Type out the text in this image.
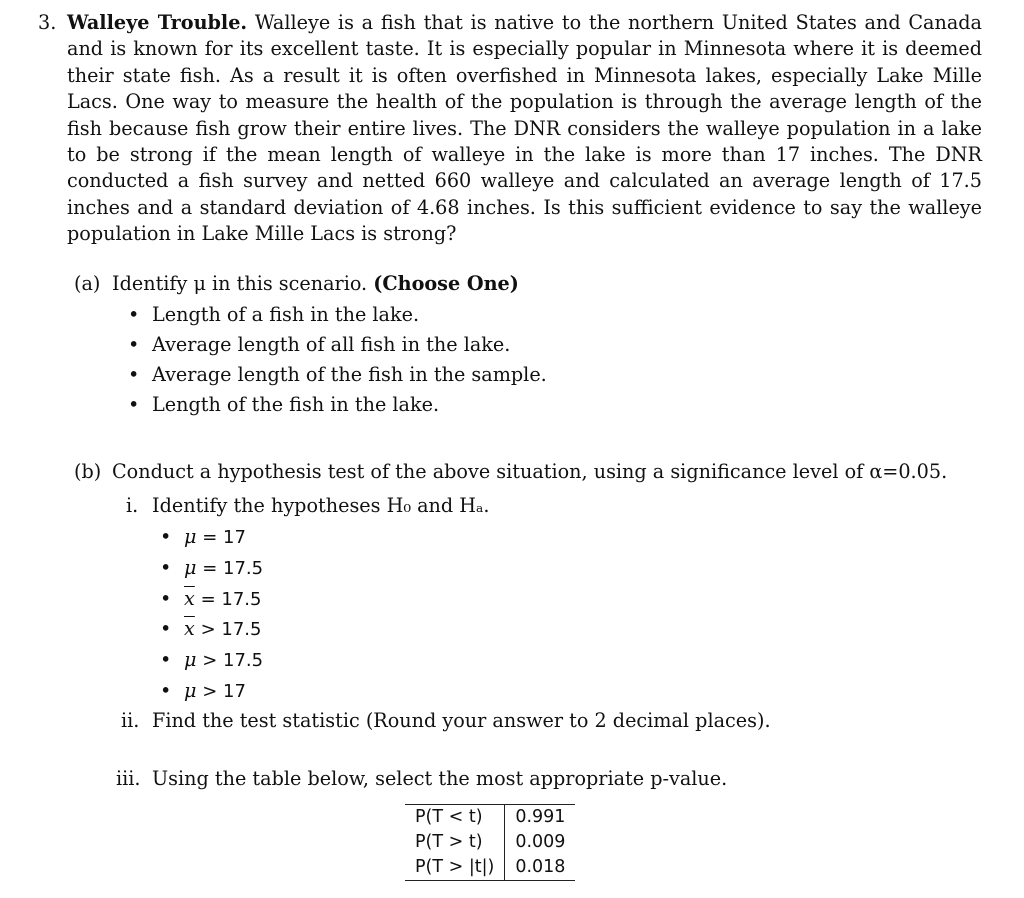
3. Walleye Trouble. Walleye is a fish that is native to the northern United States and Canada and is known for its excellent taste. It is especially popular in Minnesota where it is deemed their state fish. As a result it is often overfished in Minnesota lakes, especially Lake Mille Lacs. One way to measure the health of the population is through the average length of the fish because fish grow their entire lives. The DNR considers the walleye population in a lake to be strong if the mean length of walleye in the lake is more than 17 inches. The DNR conducted a fish survey and netted 660 walleye and calculated an average length of 17.5 inches and a standard deviation of 4.68 inches. Is this sufficient evidence to say the walleye population in Lake Mille Lacs is strong?
(a) Identify μ in this scenario. (Choose One)
• Length of a fish in the lake.
• Average length of all fish in the lake.
• Average length of the fish in the sample.
• Length of the fish in the lake.
(b) Conduct a hypothesis test of the above situation, using a significance level of α=0.05.
i. Identify the hypotheses H₀ and Hₐ.
• μ = 17
• μ = 17.5
• $\overline{x} = 17.5$
• $\overline{x} > 17.5$
• μ > 17.5
• μ > 17
ii. Find the test statistic (Round your answer to 2 decimal places).
iii. Using the table below, select the most appropriate p-value.
P(T < t)	0.991
P(T > t)	0.009
P(T > |t|)	0.018
